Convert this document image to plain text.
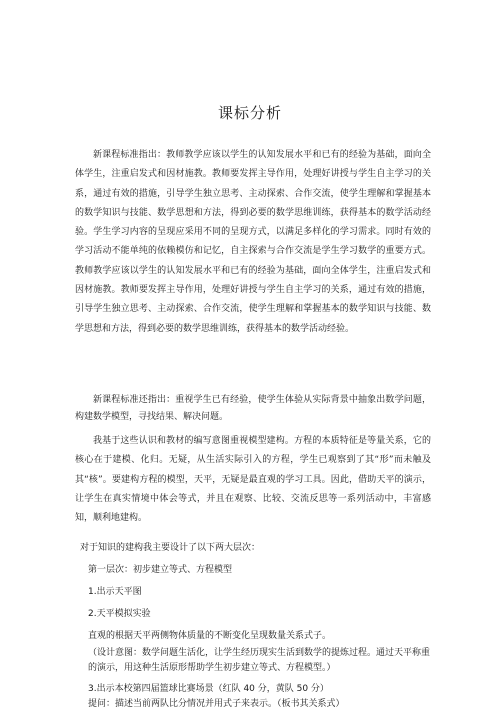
课标分析
新课程标准指出：教师教学应该以学生的认知发展水平和已有的经验为基础，面向全体学生，注重启发式和因材施教。教师要发挥主导作用，处理好讲授与学生自主学习的关系，通过有效的措施，引导学生独立思考、主动探索、合作交流，使学生理解和掌握基本的数学知识与技能、数学思想和方法，得到必要的数学思维训练，获得基本的数学活动经验。学生学习内容的呈现应采用不同的呈现方式，以满足多样化的学习需求。同时有效的学习活动不能单纯的依赖模仿和记忆，自主探索与合作交流是学生学习数学的重要方式。教师教学应该以学生的认知发展水平和已有的经验为基础，面向全体学生，注重启发式和因材施教。教师要发挥主导作用，处理好讲授与学生自主学习的关系，通过有效的措施，引导学生独立思考、主动探索、合作交流，使学生理解和掌握基本的数学知识与技能、数学思想和方法，得到必要的数学思维训练，获得基本的数学活动经验。
新课程标准还指出：重视学生已有经验，使学生体验从实际背景中抽象出数学问题，构建数学模型，寻找结果、解决问题。
我基于这些认识和教材的编写意图重视模型建构。方程的本质特征是等量关系，它的核心在于建模、化归。无疑，从生活实际引入的方程，学生已观察到了其“形”而未触及其“核”。要建构方程的模型，天平，无疑是最直观的学习工具。因此，借助天平的演示，让学生在真实情境中体会等式，并且在观察、比较、交流反思等一系列活动中，丰富感知，顺利地建构。
对于知识的建构我主要设计了以下两大层次：
第一层次：初步建立等式、方程模型
1.出示天平图
2.天平模拟实验
直观的根据天平两侧物体质量的不断变化呈现数量关系式子。
（设计意图：数学问题生活化，让学生经历现实生活到数学的提炼过程。通过天平称重的演示，用这种生活原形帮助学生初步建立等式、方程模型。）
3.出示本校第四届篮球比赛场景（红队 40 分，黄队 50 分）
提问：描述当前两队比分情况并用式子来表示。（板书其关系式）
